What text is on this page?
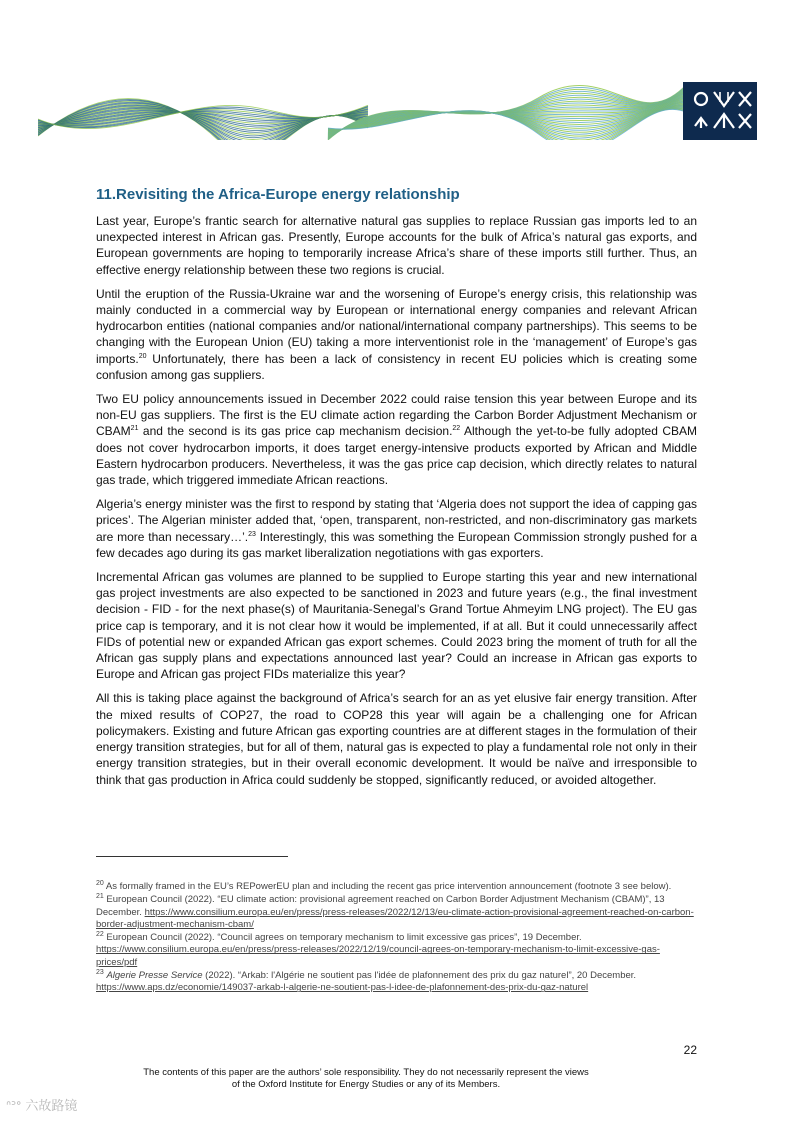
11.Revisiting the Africa-Europe energy relationship

Last year, Europe’s frantic search for alternative natural gas supplies to replace Russian gas imports led to an unexpected interest in African gas. Presently, Europe accounts for the bulk of Africa’s natural gas exports, and European governments are hoping to temporarily increase Africa’s share of these imports still further. Thus, an effective energy relationship between these two regions is crucial.

Until the eruption of the Russia-Ukraine war and the worsening of Europe’s energy crisis, this relationship was mainly conducted in a commercial way by European or international energy companies and relevant African hydrocarbon entities (national companies and/or national/international company partnerships). This seems to be changing with the European Union (EU) taking a more interventionist role in the ‘management’ of Europe’s gas imports.$^{20}$ Unfortunately, there has been a lack of consistency in recent EU policies which is creating some confusion among gas suppliers.

Two EU policy announcements issued in December 2022 could raise tension this year between Europe and its non-EU gas suppliers. The first is the EU climate action regarding the Carbon Border Adjustment Mechanism or CBAM$^{21}$ and the second is its gas price cap mechanism decision.$^{22}$ Although the yet-to-be fully adopted CBAM does not cover hydrocarbon imports, it does target energy-intensive products exported by African and Middle Eastern hydrocarbon producers. Nevertheless, it was the gas price cap decision, which directly relates to natural gas trade, which triggered immediate African reactions.

Algeria’s energy minister was the first to respond by stating that ‘Algeria does not support the idea of capping gas prices’. The Algerian minister added that, ‘open, transparent, non-restricted, and non-discriminatory gas markets are more than necessary…’.$^{23}$ Interestingly, this was something the European Commission strongly pushed for a few decades ago during its gas market liberalization negotiations with gas exporters.

Incremental African gas volumes are planned to be supplied to Europe starting this year and new international gas project investments are also expected to be sanctioned in 2023 and future years (e.g., the final investment decision - FID - for the next phase(s) of Mauritania-Senegal’s Grand Tortue Ahmeyim LNG project). The EU gas price cap is temporary, and it is not clear how it would be implemented, if at all. But it could unnecessarily affect FIDs of potential new or expanded African gas export schemes. Could 2023 bring the moment of truth for all the African gas supply plans and expectations announced last year? Could an increase in African gas exports to Europe and African gas project FIDs materialize this year?

All this is taking place against the background of Africa’s search for an as yet elusive fair energy transition. After the mixed results of COP27, the road to COP28 this year will again be a challenging one for African policymakers. Existing and future African gas exporting countries are at different stages in the formulation of their energy transition strategies, but for all of them, natural gas is expected to play a fundamental role not only in their energy transition strategies, but in their overall economic development. It would be naïve and irresponsible to think that gas production in Africa could suddenly be stopped, significantly reduced, or avoided altogether.

$^{20}$ As formally framed in the EU’s REPowerEU plan and including the recent gas price intervention announcement (footnote 3 see below).
$^{21}$ European Council (2022). “EU climate action: provisional agreement reached on Carbon Border Adjustment Mechanism (CBAM)”, 13 December. https://www.consilium.europa.eu/en/press/press-releases/2022/12/13/eu-climate-action-provisional-agreement-reached-on-carbon-border-adjustment-mechanism-cbam/
$^{22}$ European Council (2022). “Council agrees on temporary mechanism to limit excessive gas prices”, 19 December. https://www.consilium.europa.eu/en/press/press-releases/2022/12/19/council-agrees-on-temporary-mechanism-to-limit-excessive-gas-prices/pdf
$^{23}$ Algerie Presse Service (2022). “Arkab: l'Algérie ne soutient pas l'idée de plafonnement des prix du gaz naturel”, 20 December. https://www.aps.dz/economie/149037-arkab-l-algerie-ne-soutient-pas-l-idee-de-plafonnement-des-prix-du-gaz-naturel
22
The contents of this paper are the authors’ sole responsibility. They do not necessarily represent the views
of the Oxford Institute for Energy Studies or any of its Members.
ᐢᐣᐤ 六故路镜
